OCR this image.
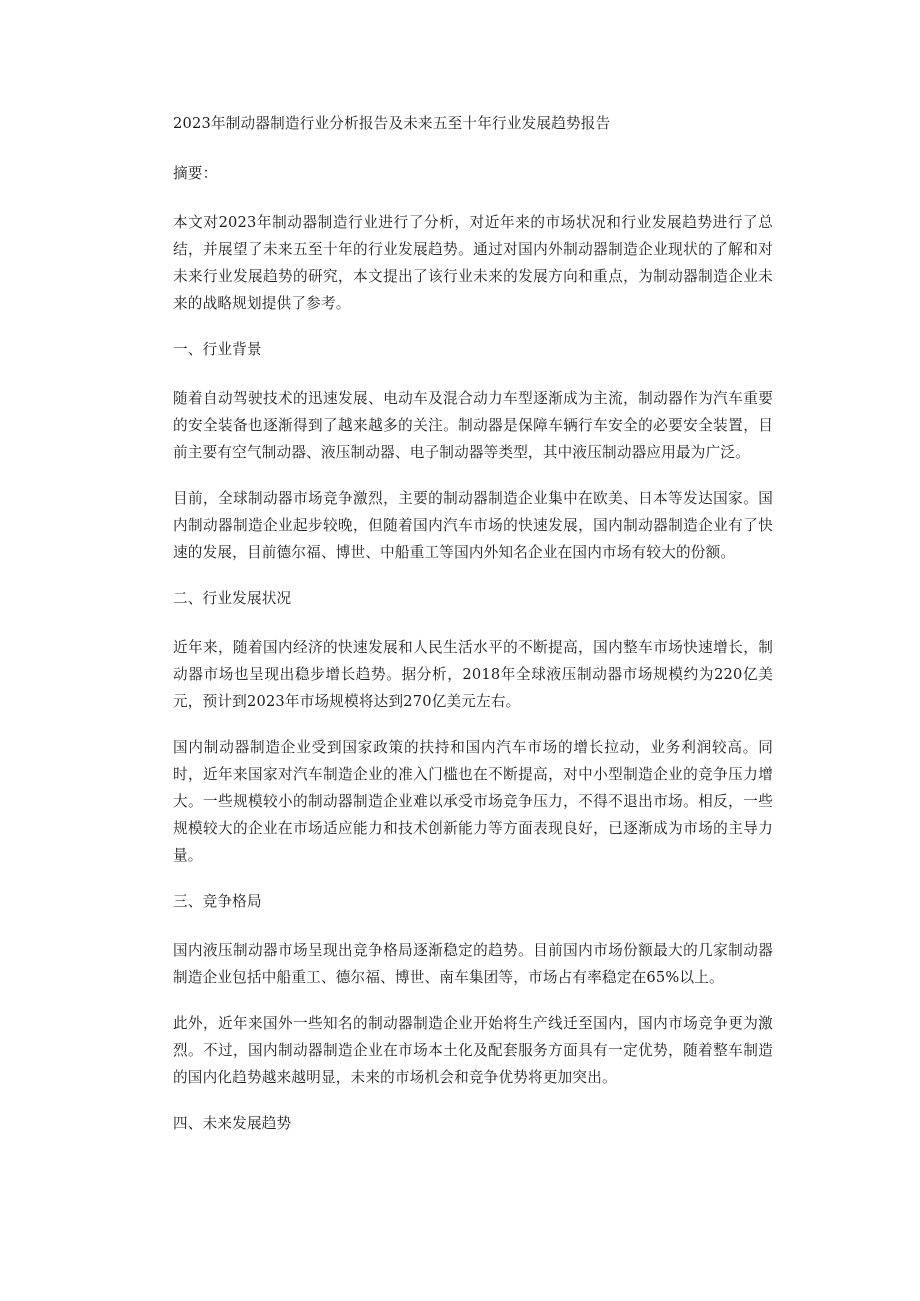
2023年制动器制造行业分析报告及未来五至十年行业发展趋势报告

摘要：

本文对2023年制动器制造行业进行了分析，对近年来的市场状况和行业发展趋势进行了总结，并展望了未来五至十年的行业发展趋势。通过对国内外制动器制造企业现状的了解和对未来行业发展趋势的研究，本文提出了该行业未来的发展方向和重点，为制动器制造企业未来的战略规划提供了参考。

一、行业背景

随着自动驾驶技术的迅速发展、电动车及混合动力车型逐渐成为主流，制动器作为汽车重要的安全装备也逐渐得到了越来越多的关注。制动器是保障车辆行车安全的必要安全装置，目前主要有空气制动器、液压制动器、电子制动器等类型，其中液压制动器应用最为广泛。

目前，全球制动器市场竞争激烈，主要的制动器制造企业集中在欧美、日本等发达国家。国内制动器制造企业起步较晚，但随着国内汽车市场的快速发展，国内制动器制造企业有了快速的发展，目前德尔福、博世、中船重工等国内外知名企业在国内市场有较大的份额。

二、行业发展状况

近年来，随着国内经济的快速发展和人民生活水平的不断提高，国内整车市场快速增长，制动器市场也呈现出稳步增长趋势。据分析，2018年全球液压制动器市场规模约为220亿美元，预计到2023年市场规模将达到270亿美元左右。

国内制动器制造企业受到国家政策的扶持和国内汽车市场的增长拉动，业务利润较高。同时，近年来国家对汽车制造企业的准入门槛也在不断提高，对中小型制造企业的竞争压力增大。一些规模较小的制动器制造企业难以承受市场竞争压力，不得不退出市场。相反，一些规模较大的企业在市场适应能力和技术创新能力等方面表现良好，已逐渐成为市场的主导力量。

三、竞争格局

国内液压制动器市场呈现出竞争格局逐渐稳定的趋势。目前国内市场份额最大的几家制动器制造企业包括中船重工、德尔福、博世、南车集团等，市场占有率稳定在65%以上。

此外，近年来国外一些知名的制动器制造企业开始将生产线迁至国内，国内市场竞争更为激烈。不过，国内制动器制造企业在市场本土化及配套服务方面具有一定优势，随着整车制造的国内化趋势越来越明显，未来的市场机会和竞争优势将更加突出。

四、未来发展趋势
